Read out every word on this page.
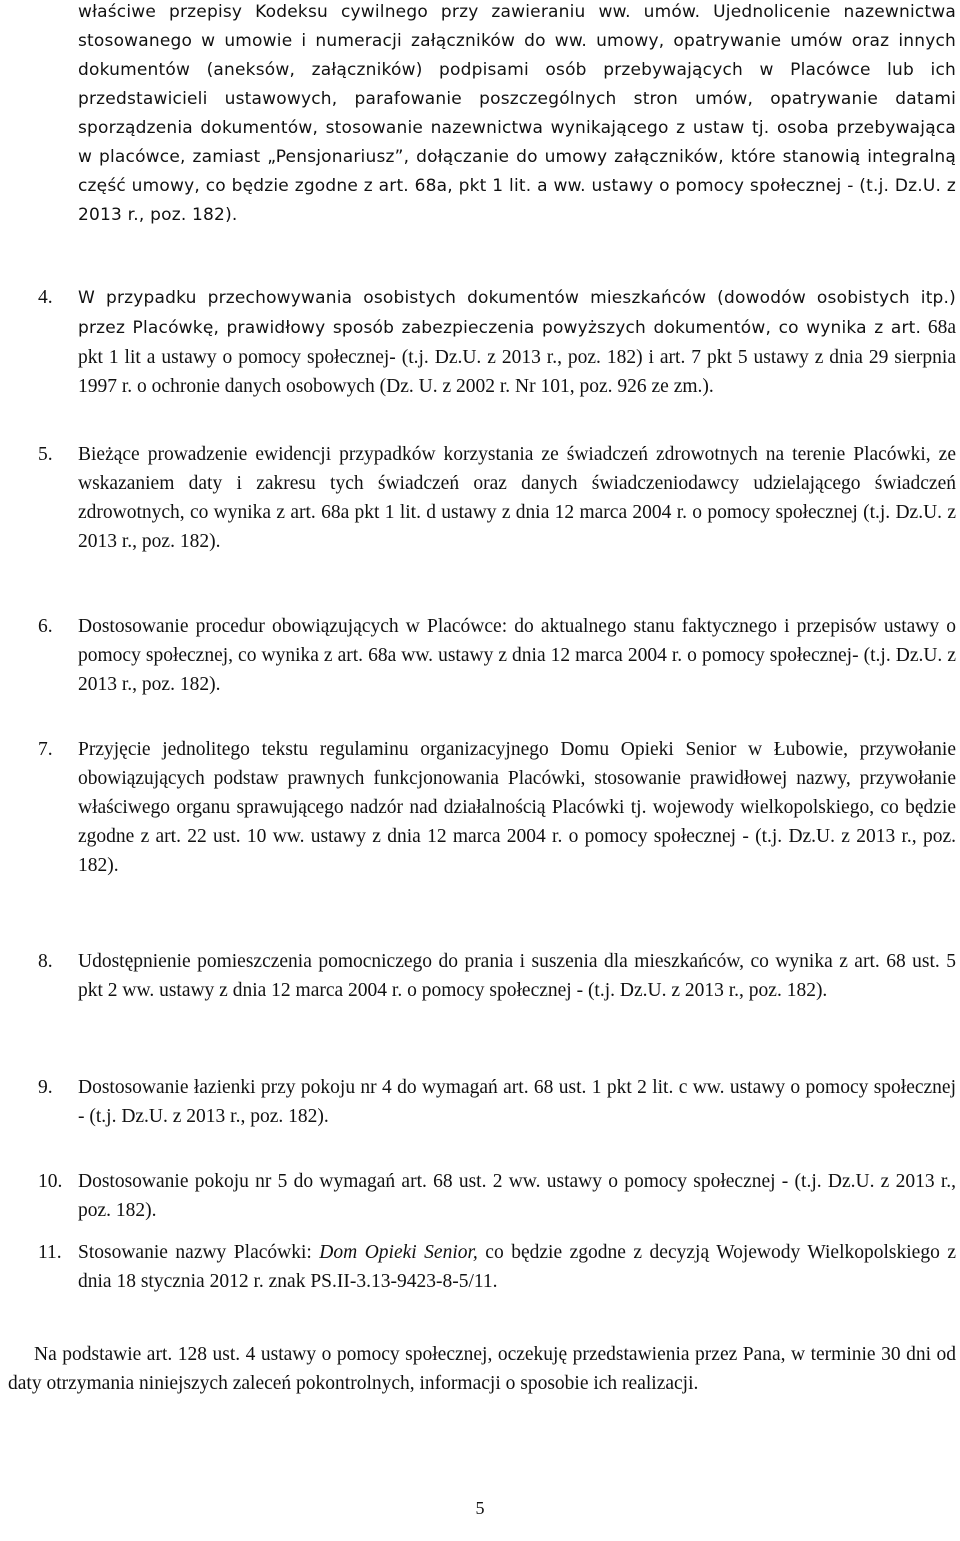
właściwe przepisy Kodeksu cywilnego przy zawieraniu ww. umów. Ujednolicenie nazewnictwa stosowanego w umowie i numeracji załączników do ww. umowy, opatrywanie umów oraz innych dokumentów (aneksów, załączników) podpisami osób przebywających w Placówce lub ich przedstawicieli ustawowych, parafowanie poszczególnych stron umów, opatrywanie datami sporządzenia dokumentów, stosowanie nazewnictwa wynikającego z ustaw tj. osoba przebywająca w placówce, zamiast „Pensjonariusz”, dołączanie do umowy załączników, które stanowią integralną część umowy, co będzie zgodne z art. 68a, pkt 1 lit. a ww. ustawy o pomocy społecznej - (t.j. Dz.U. z 2013 r., poz. 182).
4. W przypadku przechowywania osobistych dokumentów mieszkańców (dowodów osobistych itp.) przez Placówkę, prawidłowy sposób zabezpieczenia powyższych dokumentów, co wynika z art. 68a pkt 1 lit a ustawy o pomocy społecznej- (t.j. Dz.U. z 2013 r., poz. 182) i art. 7 pkt 5 ustawy z dnia 29 sierpnia 1997 r. o ochronie danych osobowych (Dz. U. z 2002 r. Nr 101, poz. 926 ze zm.).
5. Bieżące prowadzenie ewidencji przypadków korzystania ze świadczeń zdrowotnych na terenie Placówki, ze wskazaniem daty i zakresu tych świadczeń oraz danych świadczeniodawcy udzielającego świadczeń zdrowotnych, co wynika z art. 68a pkt 1 lit. d ustawy z dnia 12 marca 2004 r. o pomocy społecznej (t.j. Dz.U. z 2013 r., poz. 182).
6. Dostosowanie procedur obowiązujących w Placówce: do aktualnego stanu faktycznego i przepisów ustawy o pomocy społecznej, co wynika z art. 68a ww. ustawy z dnia 12 marca 2004 r. o pomocy społecznej- (t.j. Dz.U. z 2013 r., poz. 182).
7. Przyjęcie jednolitego tekstu regulaminu organizacyjnego Domu Opieki Senior w Łubowie, przywołanie obowiązujących podstaw prawnych funkcjonowania Placówki, stosowanie prawidłowej nazwy, przywołanie właściwego organu sprawującego nadzór nad działalnością Placówki tj. wojewody wielkopolskiego, co będzie zgodne z art. 22 ust. 10 ww. ustawy z dnia 12 marca 2004 r. o pomocy społecznej - (t.j. Dz.U. z 2013 r., poz. 182).
8. Udostępnienie pomieszczenia pomocniczego do prania i suszenia dla mieszkańców, co wynika z art. 68 ust. 5 pkt 2 ww. ustawy z dnia 12 marca 2004 r. o pomocy społecznej - (t.j. Dz.U. z 2013 r., poz. 182).
9. Dostosowanie łazienki przy pokoju nr 4 do wymagań art. 68 ust. 1 pkt 2 lit. c ww. ustawy o pomocy społecznej - (t.j. Dz.U. z 2013 r., poz. 182).
10. Dostosowanie pokoju nr 5 do wymagań art. 68 ust. 2 ww. ustawy o pomocy społecznej - (t.j. Dz.U. z 2013 r., poz. 182).
11. Stosowanie nazwy Placówki: Dom Opieki Senior, co będzie zgodne z decyzją Wojewody Wielkopolskiego z dnia 18 stycznia 2012 r. znak PS.II-3.13-9423-8-5/11.
Na podstawie art. 128 ust. 4 ustawy o pomocy społecznej, oczekuję przedstawienia przez Pana, w terminie 30 dni od daty otrzymania niniejszych zaleceń pokontrolnych, informacji o sposobie ich realizacji.
5
